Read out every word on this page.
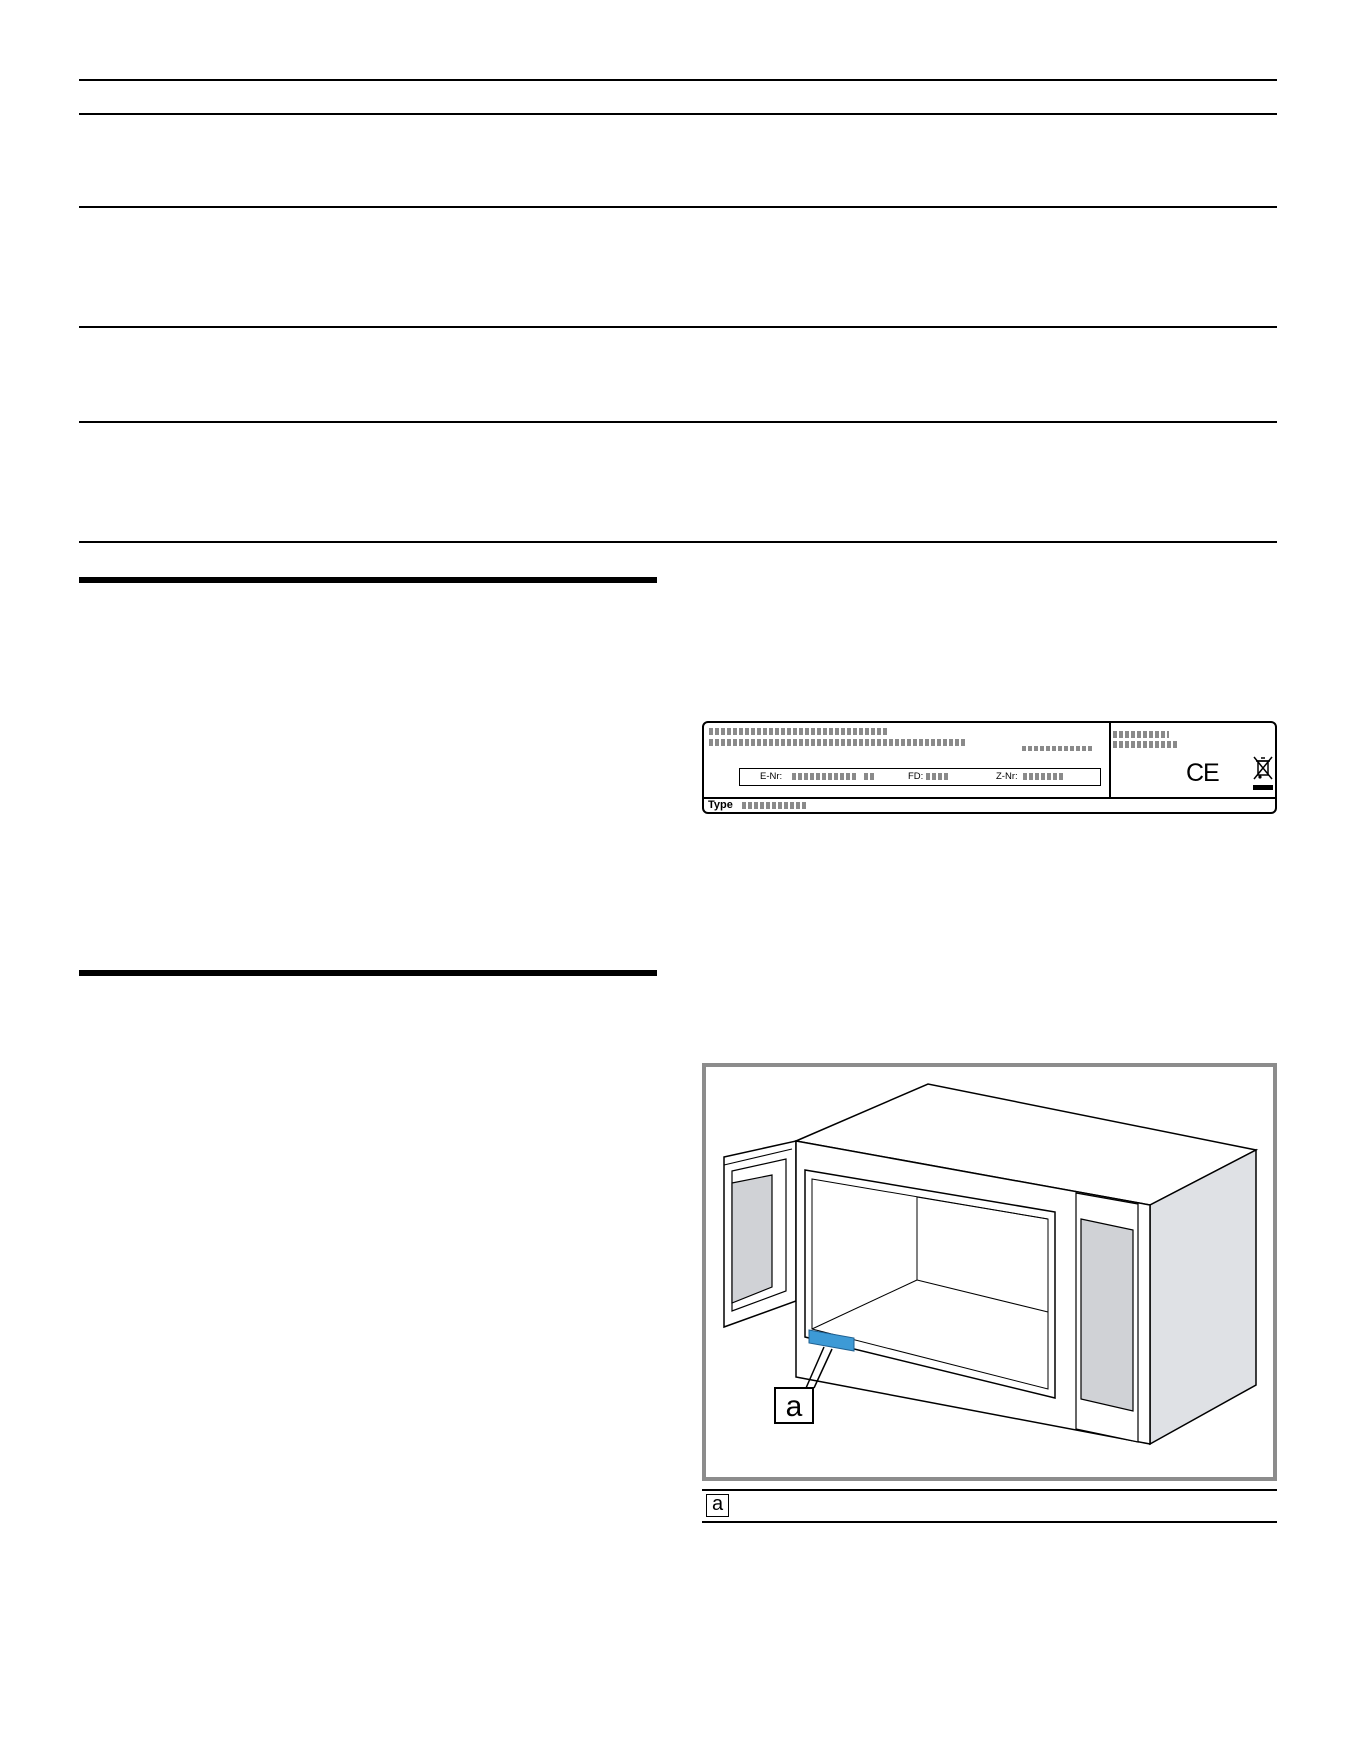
E-Nr:	FD:	Z-Nr:
Type
CE
a
a
